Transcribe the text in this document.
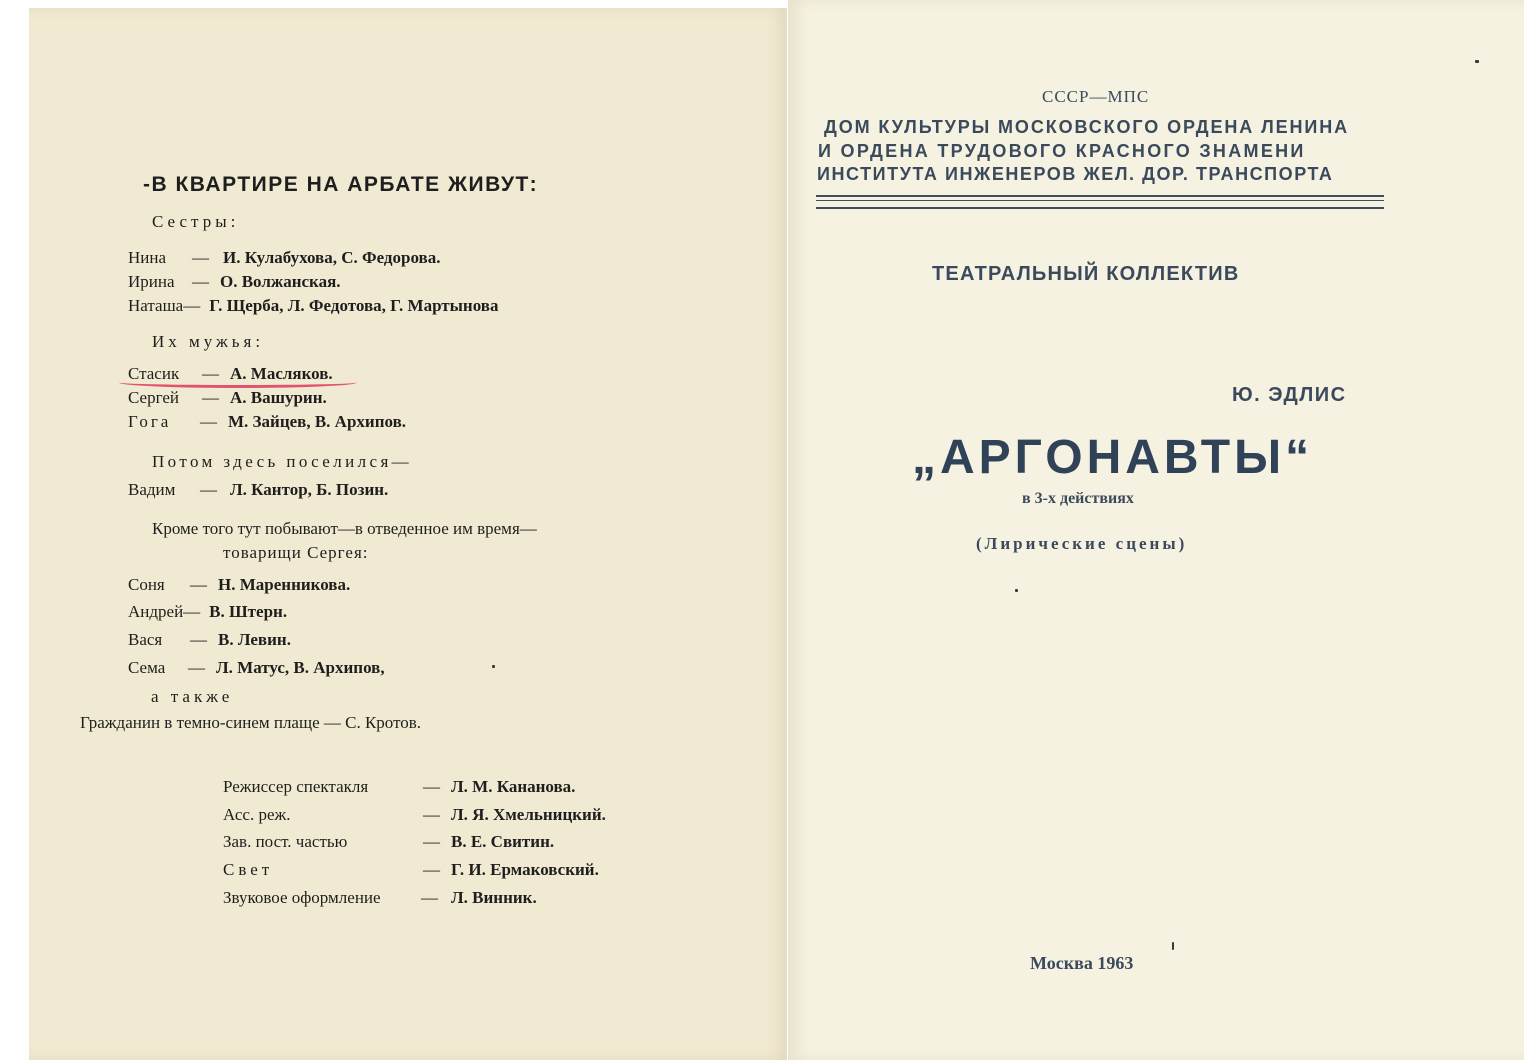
-В КВАРТИРЕ НА АРБАТЕ ЖИВУТ:
Сестры:
Нина — И. Кулабухова, С. Федорова.
Ирина — О. Волжанская.
Наташа— Г. Щерба, Л. Федотова, Г. Мартынова
Их мужья:
Стасик — А. Масляков.
Сергей — А. Вашурин.
Гога — М. Зайцев, В. Архипов.
Потом здесь поселился—
Вадим — Л. Кантор, Б. Позин.
Кроме того тут побывают—в отведенное им время—
товарищи Сергея:
Соня — Н. Маренникова.
Андрей— В. Штерн.
Вася — В. Левин.
Сема — Л. Матус, В. Архипов,
а также
Гражданин в темно-синем плаще — С. Кротов.
Режиссер спектакля	— Л. М. Кананова.
Асс. реж.	— Л. Я. Хмельницкий.
Зав. пост. частью	— В. Е. Свитин.
Свет	— Г. И. Ермаковский.
Звуковое оформление — Л. Винник.
СССР—МПС
ДОМ КУЛЬТУРЫ МОСКОВСКОГО ОРДЕНА ЛЕНИНА
И ОРДЕНА ТРУДОВОГО КРАСНОГО ЗНАМЕНИ
ИНСТИТУТА ИНЖЕНЕРОВ ЖЕЛ. ДОР. ТРАНСПОРТА
ТЕАТРАЛЬНЫЙ КОЛЛЕКТИВ
Ю. ЭДЛИС
„АРГОНАВТЫ“
в 3-х действиях
(Лирические сцены)
Москва 1963
